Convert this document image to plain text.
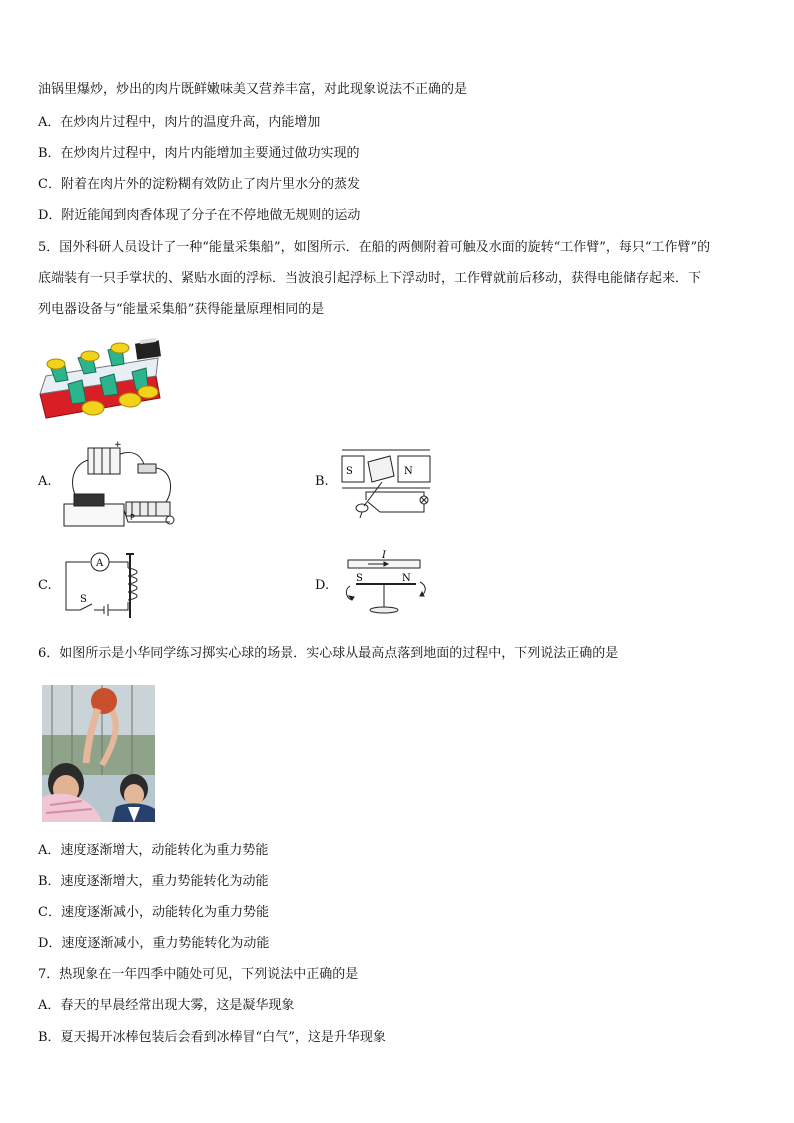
油锅里爆炒，炒出的肉片既鲜嫩味美又营养丰富，对此现象说法不正确的是
A．在炒肉片过程中，肉片的温度升高，内能增加
B．在炒肉片过程中，肉片内能增加主要通过做功实现的
C．附着在肉片外的淀粉糊有效防止了肉片里水分的蒸发
D．附近能闻到肉香体现了分子在不停地做无规则的运动
5．国外科研人员设计了一种“能量采集船”，如图所示．在船的两侧附着可触及水面的旋转“工作臂”，每只“工作臂”的
底端装有一只手掌状的、紧贴水面的浮标．当波浪引起浮标上下浮动时，工作臂就前后移动，获得电能储存起来．下
列电器设备与“能量采集船”获得能量原理相同的是
A.	B.
C.	D.
+
P
S	N
A
S
I
S	N
6．如图所示是小华同学练习掷实心球的场景．实心球从最高点落到地面的过程中，下列说法正确的是
A．速度逐渐增大，动能转化为重力势能
B．速度逐渐增大，重力势能转化为动能
C．速度逐渐减小，动能转化为重力势能
D．速度逐渐减小，重力势能转化为动能
7．热现象在一年四季中随处可见，下列说法中正确的是
A．春天的早晨经常出现大雾，这是凝华现象
B．夏天揭开冰棒包装后会看到冰棒冒“白气”，这是升华现象
